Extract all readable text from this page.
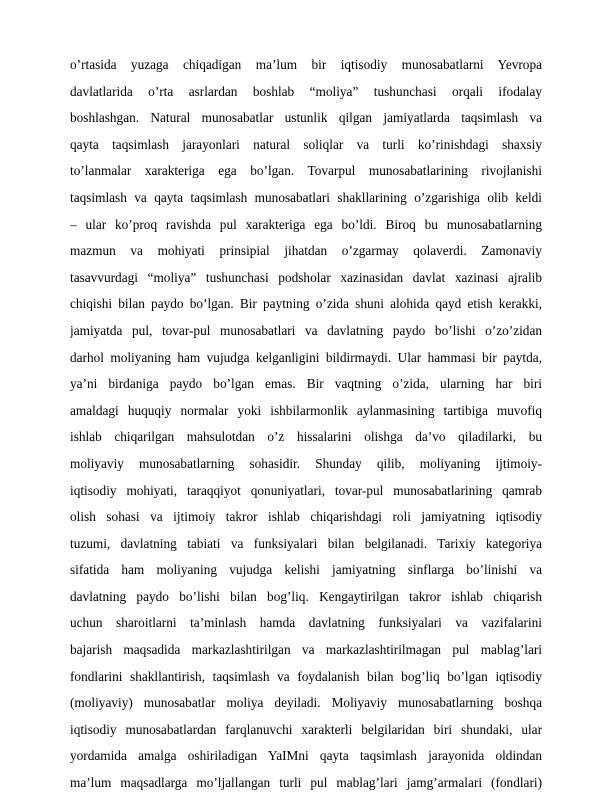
o’rtasida yuzaga chiqadigan ma’lum bir iqtisodiy munosabatlarni Yevropa
davlatlarida o’rta asrlardan boshlab “moliya” tushunchasi orqali ifodalay
boshlashgan. Natural munosabatlar ustunlik qilgan jamiyatlarda taqsimlash va
qayta taqsimlash jarayonlari natural soliqlar va turli ko’rinishdagi shaxsiy
to’lanmalar xarakteriga ega bo’lgan. Tovarpul munosabatlarining rivojlanishi
taqsimlash va qayta taqsimlash munosabatlari shakllarining o’zgarishiga olib keldi
– ular ko’proq ravishda pul xarakteriga ega bo’ldi. Biroq bu munosabatlarning
mazmun va mohiyati prinsipial jihatdan o’zgarmay qolaverdi. Zamonaviy
tasavvurdagi “moliya” tushunchasi podsholar xazinasidan davlat xazinasi ajralib
chiqishi bilan paydo bo’lgan. Bir paytning o’zida shuni alohida qayd etish kerakki,
jamiyatda pul, tovar-pul munosabatlari va davlatning paydo bo’lishi o’zo’zidan
darhol moliyaning ham vujudga kelganligini bildirmaydi. Ular hammasi bir paytda,
ya’ni birdaniga paydo bo’lgan emas. Bir vaqtning o’zida, ularning har biri
amaldagi huquqiy normalar yoki ishbilarmonlik aylanmasining tartibiga muvofiq
ishlab chiqarilgan mahsulotdan o’z hissalarini olishga da’vo qiladilarki, bu
moliyaviy munosabatlarning sohasidir. Shunday qilib, moliyaning ijtimoiy-
iqtisodiy mohiyati, taraqqiyot qonuniyatlari, tovar-pul munosabatlarining qamrab
olish sohasi va ijtimoiy takror ishlab chiqarishdagi roli jamiyatning iqtisodiy
tuzumi, davlatning tabiati va funksiyalari bilan belgilanadi. Tarixiy kategoriya
sifatida ham moliyaning vujudga kelishi jamiyatning sinflarga bo’linishi va
davlatning paydo bo’lishi bilan bog’liq. Kengaytirilgan takror ishlab chiqarish
uchun sharoitlarni ta’minlash hamda davlatning funksiyalari va vazifalarini
bajarish maqsadida markazlashtirilgan va markazlashtirilmagan pul mablag’lari
fondlarini shakllantirish, taqsimlash va foydalanish bilan bog’liq bo’lgan iqtisodiy
(moliyaviy) munosabatlar moliya deyiladi. Moliyaviy munosabatlarning boshqa
iqtisodiy munosabatlardan farqlanuvchi xarakterli belgilaridan biri shundaki, ular
yordamida amalga oshiriladigan YaIMni qayta taqsimlash jarayonida oldindan
ma’lum maqsadlarga mo’ljallangan turli pul mablag’lari jamg’armalari (fondlari)
